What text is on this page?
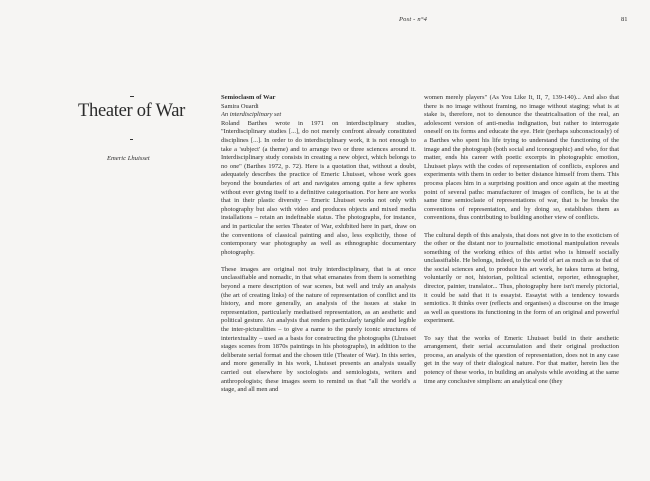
Post - n°4	81
Theater of War
Emeric Lhuisset

Semioclasm of War

Samira Ouardi

An interdisciplinary set

Roland Barthes wrote in 1971 on interdisciplinary studies, "Interdisciplinary studies [...], do not merely confront already constituted disciplines [...]. In order to do interdisciplinary work, it is not enough to take a 'subject' (a theme) and to arrange two or three sciences around it. Interdisciplinary study consists in creating a new object, which belongs to no one" (Barthes 1972, p. 72). Here is a quotation that, without a doubt, adequately describes the practice of Emeric Lhuisset, whose work goes beyond the boundaries of art and navigates among quite a few spheres without ever giving itself to a definitive categorisation. For here are works that in their plastic diversity – Emeric Lhuisset works not only with photography but also with video and produces objects and mixed media installations – retain an indefinable status. The photographs, for instance, and in particular the series Theater of War, exhibited here in part, draw on the conventions of classical painting and also, less explicitly, those of contemporary war photography as well as ethnographic documentary photography.

These images are original not truly interdisciplinary, that is at once unclassifiable and nomadic, in that what emanates from them is something beyond a mere description of war scenes, but well and truly an analysis (the art of creating links) of the nature of representation of conflict and its history, and more generally, an analysis of the issues at stake in representation, particularly mediatised representation, as an aesthetic and political gesture. An analysis that renders particularly tangible and legible the inter-picturalities – to give a name to the purely iconic structures of intertextuality – used as a basis for constructing the photographs (Lhuisset stages scenes from 1870s paintings in his photographs), in addition to the deliberate serial format and the chosen title (Theater of War). In this series, and more generally in his work, Lhuisset presents an analysis usually carried out elsewhere by sociologists and semiologists, writers and anthropologists; these images seem to remind us that "all the world's a stage, and all men and

women merely players" (As You Like It, II, 7, 139-140)... And also that there is no image without framing, no image without staging; what is at stake is, therefore, not to denounce the theatricalisation of the real, an adolescent version of anti-media indignation, but rather to interrogate oneself on its forms and educate the eye. Heir (perhaps subconsciously) of a Barthes who spent his life trying to understand the functioning of the image and the photograph (both social and iconographic) and who, for that matter, ends his career with poetic excerpts in photographic emotion, Lhuisset plays with the codes of representation of conflicts, explores and experiments with them in order to better distance himself from them. This process places him in a surprising position and once again at the meeting point of several paths: manufacturer of images of conflicts, he is at the same time semioclaste of representations of war, that is he breaks the conventions of representation, and by doing so, establishes them as conventions, thus contributing to building another view of conflicts.

The cultural depth of this analysis, that does not give in to the exoticism of the other or the distant nor to journalistic emotional manipulation reveals something of the working ethics of this artist who is himself socially unclassifiable. He belongs, indeed, to the world of art as much as to that of the social sciences and, to produce his art work, he takes turns at being, voluntarily or not, historian, political scientist, reporter, ethnographer, director, painter, translator... Thus, photography here isn't merely pictorial, it could be said that it is essayist. Essayist with a tendency towards semiotics. It thinks over (reflects and organises) a discourse on the image as well as questions its functioning in the form of an original and powerful experiment.

To say that the works of Emeric Lhuisset build in their aesthetic arrangement, their serial accumulation and their original production process, an analysis of the question of representation, does not in any case get in the way of their dialogical nature. For that matter, herein lies the potency of these works, in building an analysis while avoiding at the same time any conclusive simplism: an analytical one (they
